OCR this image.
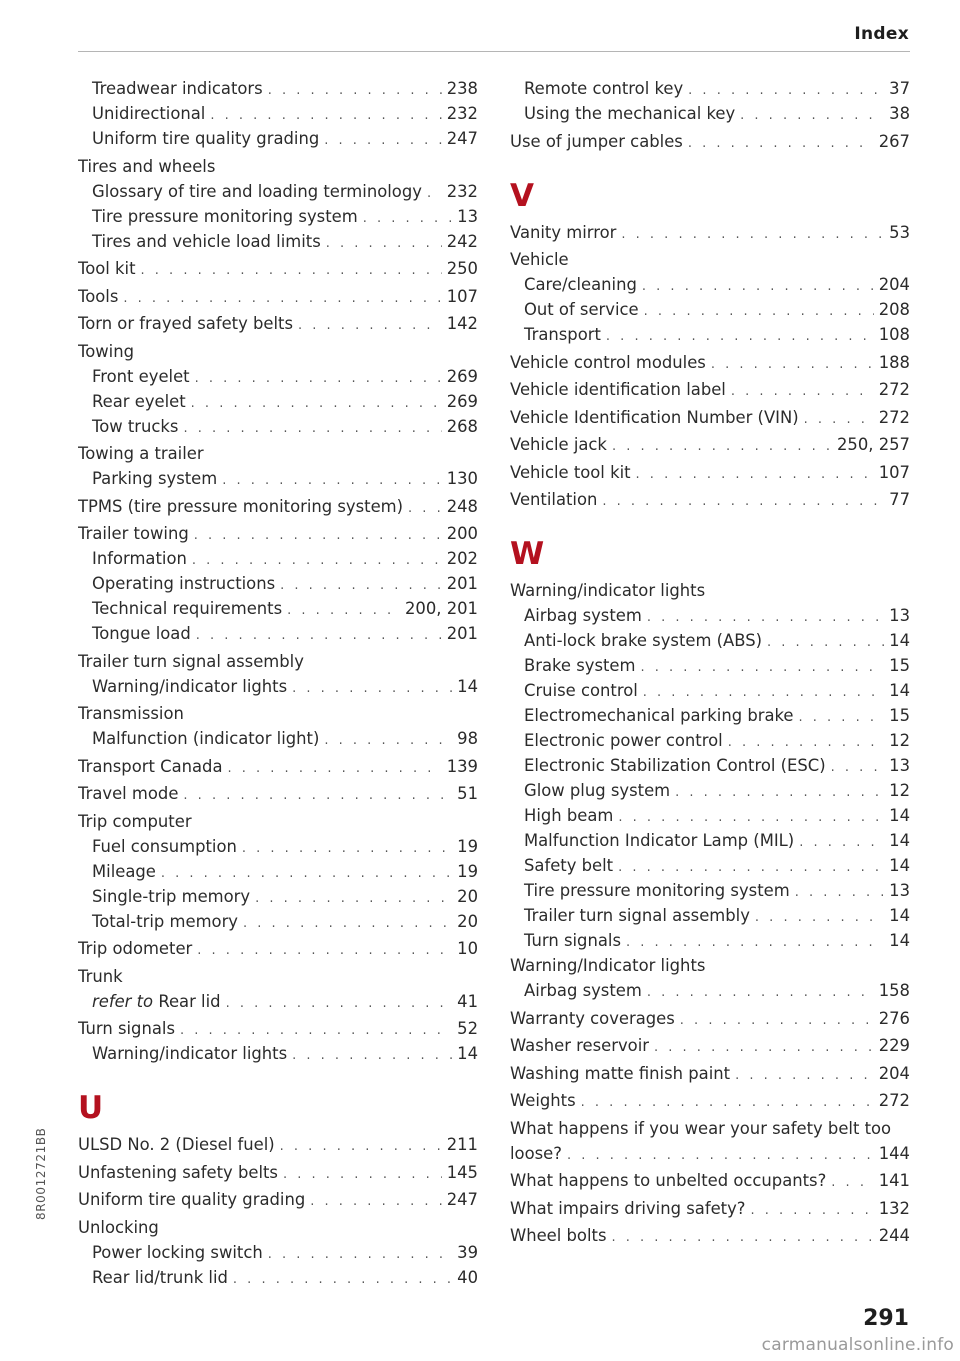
Index
Treadwear indicators . . .	238
Unidirectional . . .	232
Uniform tire quality grading . . .	247
Tires and wheels
Glossary of tire and loading terminology . . . 232
Tire pressure monitoring system . . .	13
Tires and vehicle load limits . . .	242
Tool kit . . .	250
Tools . . .	107
Torn or frayed safety belts . . .	142
Towing
Front eyelet . . .	269
Rear eyelet . . .	269
Tow trucks . . .	268
Towing a trailer
Parking system . . .	130
TPMS (tire pressure monitoring system) . . .	248
Trailer towing . . .	200
Information . . .	202
Operating instructions . . .	201
Technical requirements . . .	200, 201
Tongue load . . .	201
Trailer turn signal assembly
Warning/indicator lights . . .	14
Transmission
Malfunction (indicator light) . . .	98
Transport Canada . . .	139
Travel mode . . .	51
Trip computer
Fuel consumption . . .	19
Mileage . . .	19
Single-trip memory . . .	20
Total-trip memory . . .	20
Trip odometer . . .	10
Trunk
refer to Rear lid . . .	41
Turn signals . . .	52
Warning/indicator lights . . .	14
U
ULSD No. 2 (Diesel fuel) . . .	211
Unfastening safety belts . . .	145
Uniform tire quality grading . . .	247
Unlocking
Power locking switch . . .	39
Rear lid/trunk lid . . .	40
Remote control key . . .	37
Using the mechanical key . . .	38
Use of jumper cables . . .	267
V
Vanity mirror . . .	53
Vehicle
Care/cleaning . . .	204
Out of service . . .	208
Transport . . .	108
Vehicle control modules . . .	188
Vehicle identification label . . .	272
Vehicle Identification Number (VIN) . . .	272
Vehicle jack . . .	250, 257
Vehicle tool kit . . .	107
Ventilation . . .	77
W
Warning/indicator lights
Airbag system . . .	13
Anti-lock brake system (ABS) . . .	14
Brake system . . .	15
Cruise control . . .	14
Electromechanical parking brake . . .	15
Electronic power control . . .	12
Electronic Stabilization Control (ESC) . . .	13
Glow plug system . . .	12
High beam . . .	14
Malfunction Indicator Lamp (MIL) . . .	14
Safety belt . . .	14
Tire pressure monitoring system . . .	13
Trailer turn signal assembly . . .	14
Turn signals . . .	14
Warning/Indicator lights
Airbag system . . .	158
Warranty coverages . . .	276
Washer reservoir . . .	229
Washing matte finish paint . . .	204
Weights . . .	272
What happens if you wear your safety belt too
loose? . . .	144
What happens to unbelted occupants? . . .	141
What impairs driving safety? . . .	132
Wheel bolts . . .	244
8R0012721BB
291
carmanualsonline.info
